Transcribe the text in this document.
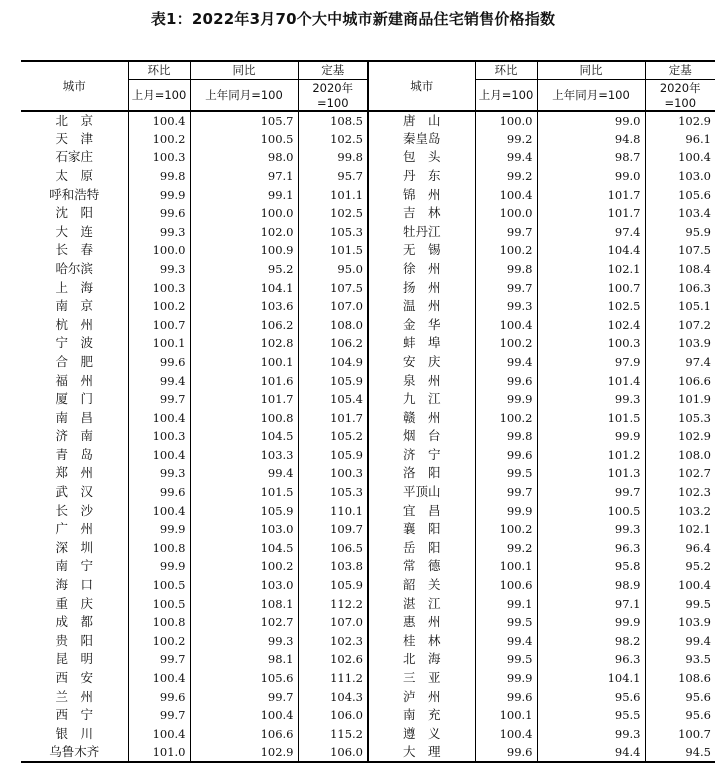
表1：2022年3月70个大中城市新建商品住宅销售价格指数
城市	环比	同比	定基	城市	环比	同比	定基
	上月=100	上年同月=100	2020年=100		上月=100	上年同月=100	2020年=100
北　京	100.4	105.7	108.5	唐　山	100.0	99.0	102.9
天　津	100.2	100.5	102.5	秦皇岛	99.2	94.8	96.1
石家庄	100.3	98.0	99.8	包　头	99.4	98.7	100.4
太　原	99.8	97.1	95.7	丹　东	99.2	99.0	103.0
呼和浩特	99.9	99.1	101.1	锦　州	100.4	101.7	105.6
沈　阳	99.6	100.0	102.5	吉　林	100.0	101.7	103.4
大　连	99.3	102.0	105.3	牡丹江	99.7	97.4	95.9
长　春	100.0	100.9	101.5	无　锡	100.2	104.4	107.5
哈尔滨	99.3	95.2	95.0	徐　州	99.8	102.1	108.4
上　海	100.3	104.1	107.5	扬　州	99.7	100.7	106.3
南　京	100.2	103.6	107.0	温　州	99.3	102.5	105.1
杭　州	100.7	106.2	108.0	金　华	100.4	102.4	107.2
宁　波	100.1	102.8	106.2	蚌　埠	100.2	100.3	103.9
合　肥	99.6	100.1	104.9	安　庆	99.4	97.9	97.4
福　州	99.4	101.6	105.9	泉　州	99.6	101.4	106.6
厦　门	99.7	101.7	105.4	九　江	99.9	99.3	101.9
南　昌	100.4	100.8	101.7	赣　州	100.2	101.5	105.3
济　南	100.3	104.5	105.2	烟　台	99.8	99.9	102.9
青　岛	100.4	103.3	105.9	济　宁	99.6	101.2	108.0
郑　州	99.3	99.4	100.3	洛　阳	99.5	101.3	102.7
武　汉	99.6	101.5	105.3	平顶山	99.7	99.7	102.3
长　沙	100.4	105.9	110.1	宜　昌	99.9	100.5	103.2
广　州	99.9	103.0	109.7	襄　阳	100.2	99.3	102.1
深　圳	100.8	104.5	106.5	岳　阳	99.2	96.3	96.4
南　宁	99.9	100.2	103.8	常　德	100.1	95.8	95.2
海　口	100.5	103.0	105.9	韶　关	100.6	98.9	100.4
重　庆	100.5	108.1	112.2	湛　江	99.1	97.1	99.5
成　都	100.8	102.7	107.0	惠　州	99.5	99.9	103.9
贵　阳	100.2	99.3	102.3	桂　林	99.4	98.2	99.4
昆　明	99.7	98.1	102.6	北　海	99.5	96.3	93.5
西　安	100.4	105.6	111.2	三　亚	99.9	104.1	108.6
兰　州	99.6	99.7	104.3	泸　州	99.6	95.6	95.6
西　宁	99.7	100.4	106.0	南　充	100.1	95.5	95.6
银　川	100.4	106.6	115.2	遵　义	100.4	99.3	100.7
乌鲁木齐	101.0	102.9	106.0	大　理	99.6	94.4	94.5
